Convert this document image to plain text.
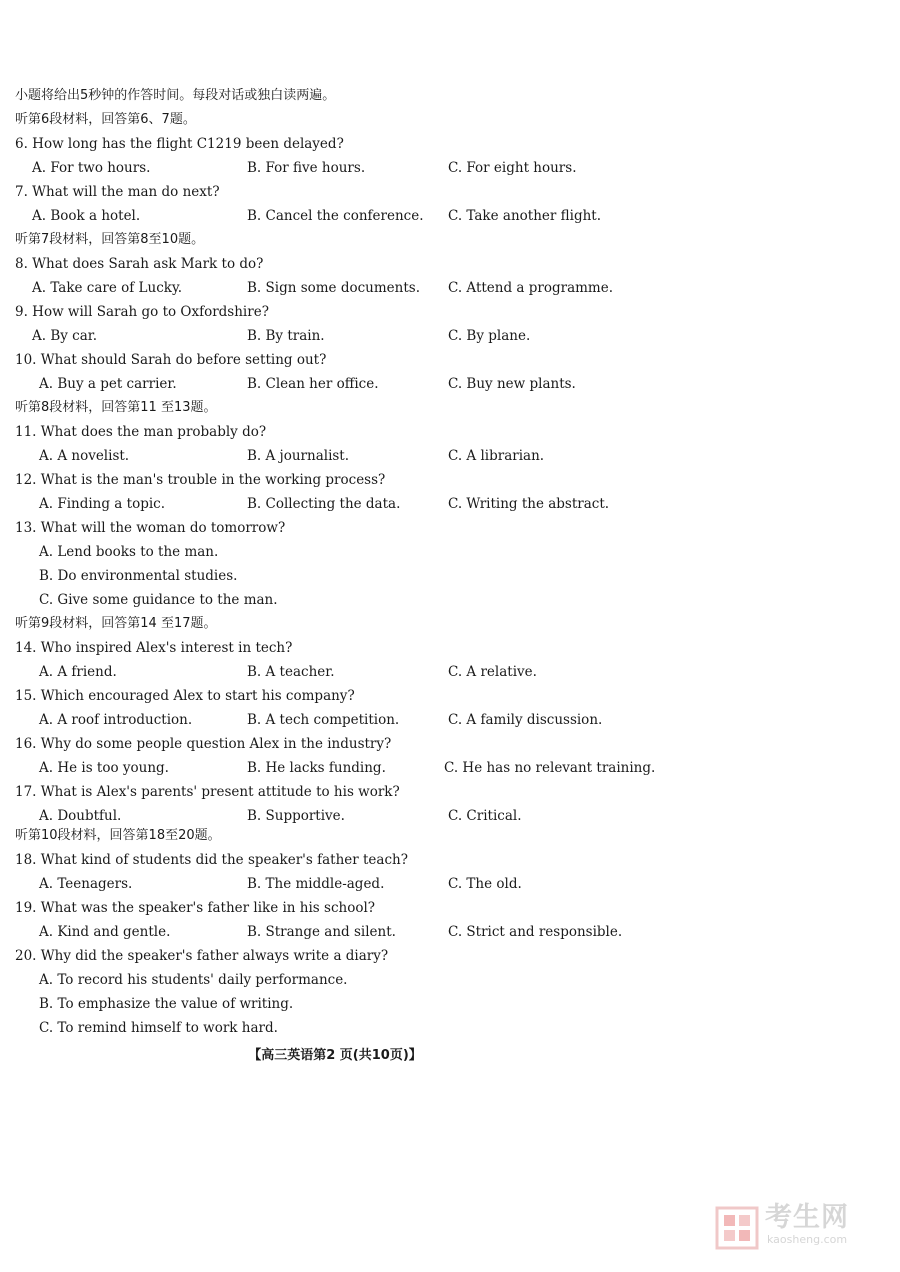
小题将给出5秒钟的作答时间。每段对话或独白读两遍。
听第6段材料，回答第6、7题。
6. How long has the flight C1219 been delayed?
A. For two hours.	B. For five hours.	C. For eight hours.
7. What will the man do next?
A. Book a hotel.	B. Cancel the conference. C. Take another flight.
听第7段材料，回答第8至10题。
8. What does Sarah ask Mark to do?
A. Take care of Lucky.	B. Sign some documents. C. Attend a programme.
9. How will Sarah go to Oxfordshire?
A. By car.	B. By train.	C. By plane.
10. What should Sarah do before setting out?
A. Buy a pet carrier.	B. Clean her office.	C. Buy new plants.
听第8段材料，回答第11 至13题。
11. What does the man probably do?
A. A novelist.	B. A journalist.	C. A librarian.
12. What is the man's trouble in the working process?
A. Finding a topic.	B. Collecting the data.	C. Writing the abstract.
13. What will the woman do tomorrow?
A. Lend books to the man.
B. Do environmental studies.
C. Give some guidance to the man.
听第9段材料，回答第14 至17题。
14. Who inspired Alex's interest in tech?
A. A friend.	B. A teacher.	C. A relative.
15. Which encouraged Alex to start his company?
A. A roof introduction.	B. A tech competition.	C. A family discussion.
16. Why do some people question Alex in the industry?
A. He is too young.	B. He lacks funding.	C. He has no relevant training.
17. What is Alex's parents' present attitude to his work?
A. Doubtful.	B. Supportive.	C. Critical.
听第10段材料，回答第18至20题。
18. What kind of students did the speaker's father teach?
A. Teenagers.	B. The middle-aged.	C. The old.
19. What was the speaker's father like in his school?
A. Kind and gentle.	B. Strange and silent.	C. Strict and responsible.
20. Why did the speaker's father always write a diary?
A. To record his students' daily performance.
B. To emphasize the value of writing.
C. To remind himself to work hard.
【高三英语第2 页(共10页)】
考生网
kaosheng.com
